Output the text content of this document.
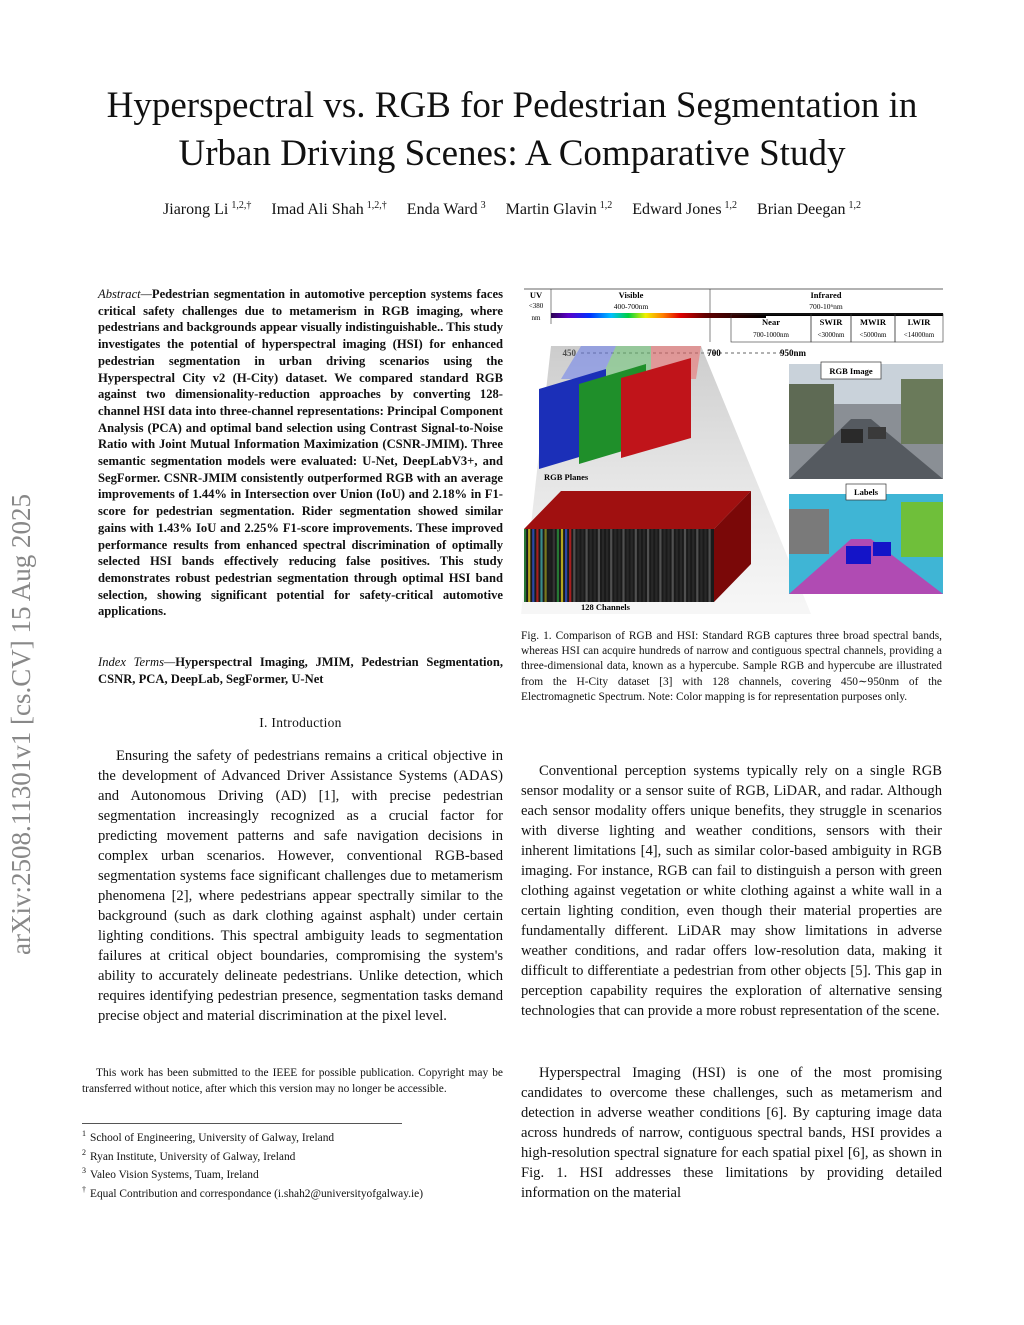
Hyperspectral vs. RGB for Pedestrian Segmentation in Urban Driving Scenes: A Comparative Study
Jiarong Li $^{1,2,\dagger}$ Imad Ali Shah $^{1,2,\dagger}$ Enda Ward $^3$ Martin Glavin $^{1,2}$ Edward Jones $^{1,2}$ Brian Deegan $^{1,2}$
arXiv:2508.11301v1 [cs.CV] 15 Aug 2025
Abstract—Pedestrian segmentation in automotive perception systems faces critical safety challenges due to metamerism in RGB imaging, where pedestrians and backgrounds appear visually indistinguishable.. This study investigates the potential of hyperspectral imaging (HSI) for enhanced pedestrian segmentation in urban driving scenarios using the Hyperspectral City v2 (H-City) dataset. We compared standard RGB against two dimensionality-reduction approaches by converting 128-channel HSI data into three-channel representations: Principal Component Analysis (PCA) and optimal band selection using Contrast Signal-to-Noise Ratio with Joint Mutual Information Maximization (CSNR-JMIM). Three semantic segmentation models were evaluated: U-Net, DeepLabV3+, and SegFormer. CSNR-JMIM consistently outperformed RGB with an average improvements of 1.44% in Intersection over Union (IoU) and 2.18% in F1-score for pedestrian segmentation. Rider segmentation showed similar gains with 1.43% IoU and 2.25% F1-score improvements. These improved performance results from enhanced spectral discrimination of optimally selected HSI bands effectively reducing false positives. This study demonstrates robust pedestrian segmentation through optimal HSI band selection, showing significant potential for safety-critical automotive applications.
Index Terms—Hyperspectral Imaging, JMIM, Pedestrian Segmentation, CSNR, PCA, DeepLab, SegFormer, U-Net
I. Introduction
Ensuring the safety of pedestrians remains a critical objective in the development of Advanced Driver Assistance Systems (ADAS) and Autonomous Driving (AD) [1], with precise pedestrian segmentation increasingly recognized as a crucial factor for predicting movement patterns and safe navigation decisions in complex urban scenarios. However, conventional RGB-based segmentation systems face significant challenges due to metamerism phenomena [2], where pedestrians appear spectrally similar to the background (such as dark clothing against asphalt) under certain lighting conditions. This spectral ambiguity leads to segmentation failures at critical object boundaries, compromising the system's ability to accurately delineate pedestrians. Unlike detection, which requires identifying pedestrian presence, segmentation tasks demand precise object and material discrimination at the pixel level.
This work has been submitted to the IEEE for possible publication. Copyright may be transferred without notice, after which this version may no longer be accessible.
$^1$ School of Engineering, University of Galway, Ireland
$^2$ Ryan Institute, University of Galway, Ireland
$^3$ Valeo Vision Systems, Tuam, Ireland
† Equal Contribution and correspondance (i.shah2@universityofgalway.ie)
UV
<380
nm
Visible
400-700nm
Infrared
700-10⁶nm
Near
700-1000nm
SWIR
<3000nm
MWIR
<5000nm
LWIR
<14000nm
700	950nm
RGB Planes
128 Channels
RGB Image
Labels
Fig. 1. Comparison of RGB and HSI: Standard RGB captures three broad spectral bands, whereas HSI can acquire hundreds of narrow and contiguous spectral channels, providing a three-dimensional data, known as a hypercube. Sample RGB and hypercube are illustrated from the H-City dataset [3] with 128 channels, covering 450∼950nm of the Electromagnetic Spectrum. Note: Color mapping is for representation purposes only.
Conventional perception systems typically rely on a single RGB sensor modality or a sensor suite of RGB, LiDAR, and radar. Although each sensor modality offers unique benefits, they struggle in scenarios with diverse lighting and weather conditions, sensors with their inherent limitations [4], such as similar color-based ambiguity in RGB imaging. For instance, RGB can fail to distinguish a person with green clothing against vegetation or white clothing against a white wall in a certain lighting condition, even though their material properties are fundamentally different. LiDAR may show limitations in adverse weather conditions, and radar offers low-resolution data, making it difficult to differentiate a pedestrian from other objects [5]. This gap in perception capability requires the exploration of alternative sensing technologies that can provide a more robust representation of the scene.
Hyperspectral Imaging (HSI) is one of the most promising candidates to overcome these challenges, such as metamerism and detection in adverse weather conditions [6]. By capturing image data across hundreds of narrow, contiguous spectral bands, HSI provides a high-resolution spectral signature for each spatial pixel [6], as shown in Fig. 1. HSI addresses these limitations by providing detailed information on the material
